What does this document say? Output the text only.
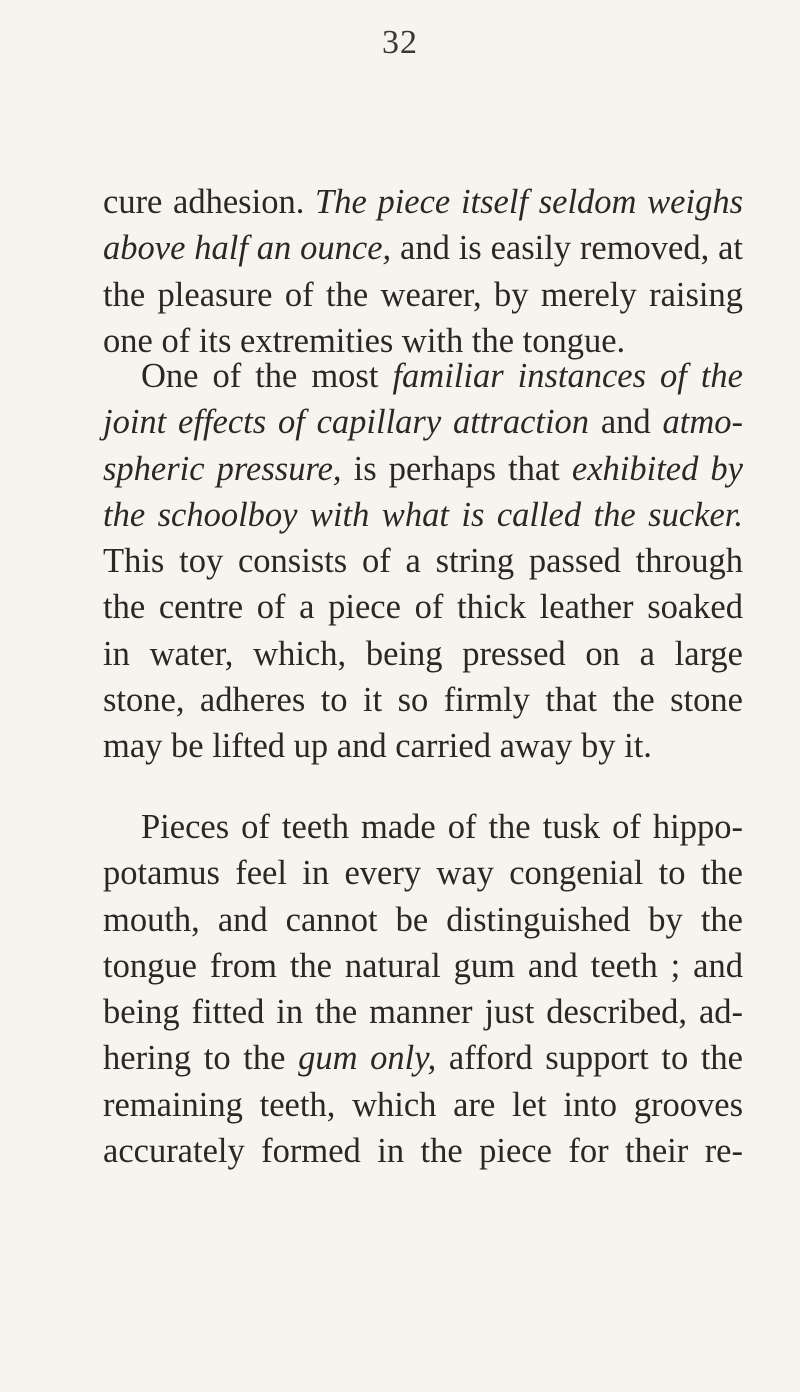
32
cure adhesion. The piece itself seldom weighs
above half an ounce, and is easily removed, at
the pleasure of the wearer, by merely raising
one of its extremities with the tongue.
One of the most familiar instances of the
joint effects of capillary attraction and atmo-
spheric pressure, is perhaps that exhibited by
the schoolboy with what is called the sucker.
This toy consists of a string passed through
the centre of a piece of thick leather soaked
in water, which, being pressed on a large
stone, adheres to it so firmly that the stone
may be lifted up and carried away by it.
Pieces of teeth made of the tusk of hippo-
potamus feel in every way congenial to the
mouth, and cannot be distinguished by the
tongue from the natural gum and teeth ; and
being fitted in the manner just described, ad-
hering to the gum only, afford support to the
remaining teeth, which are let into grooves
accurately formed in the piece for their re-
